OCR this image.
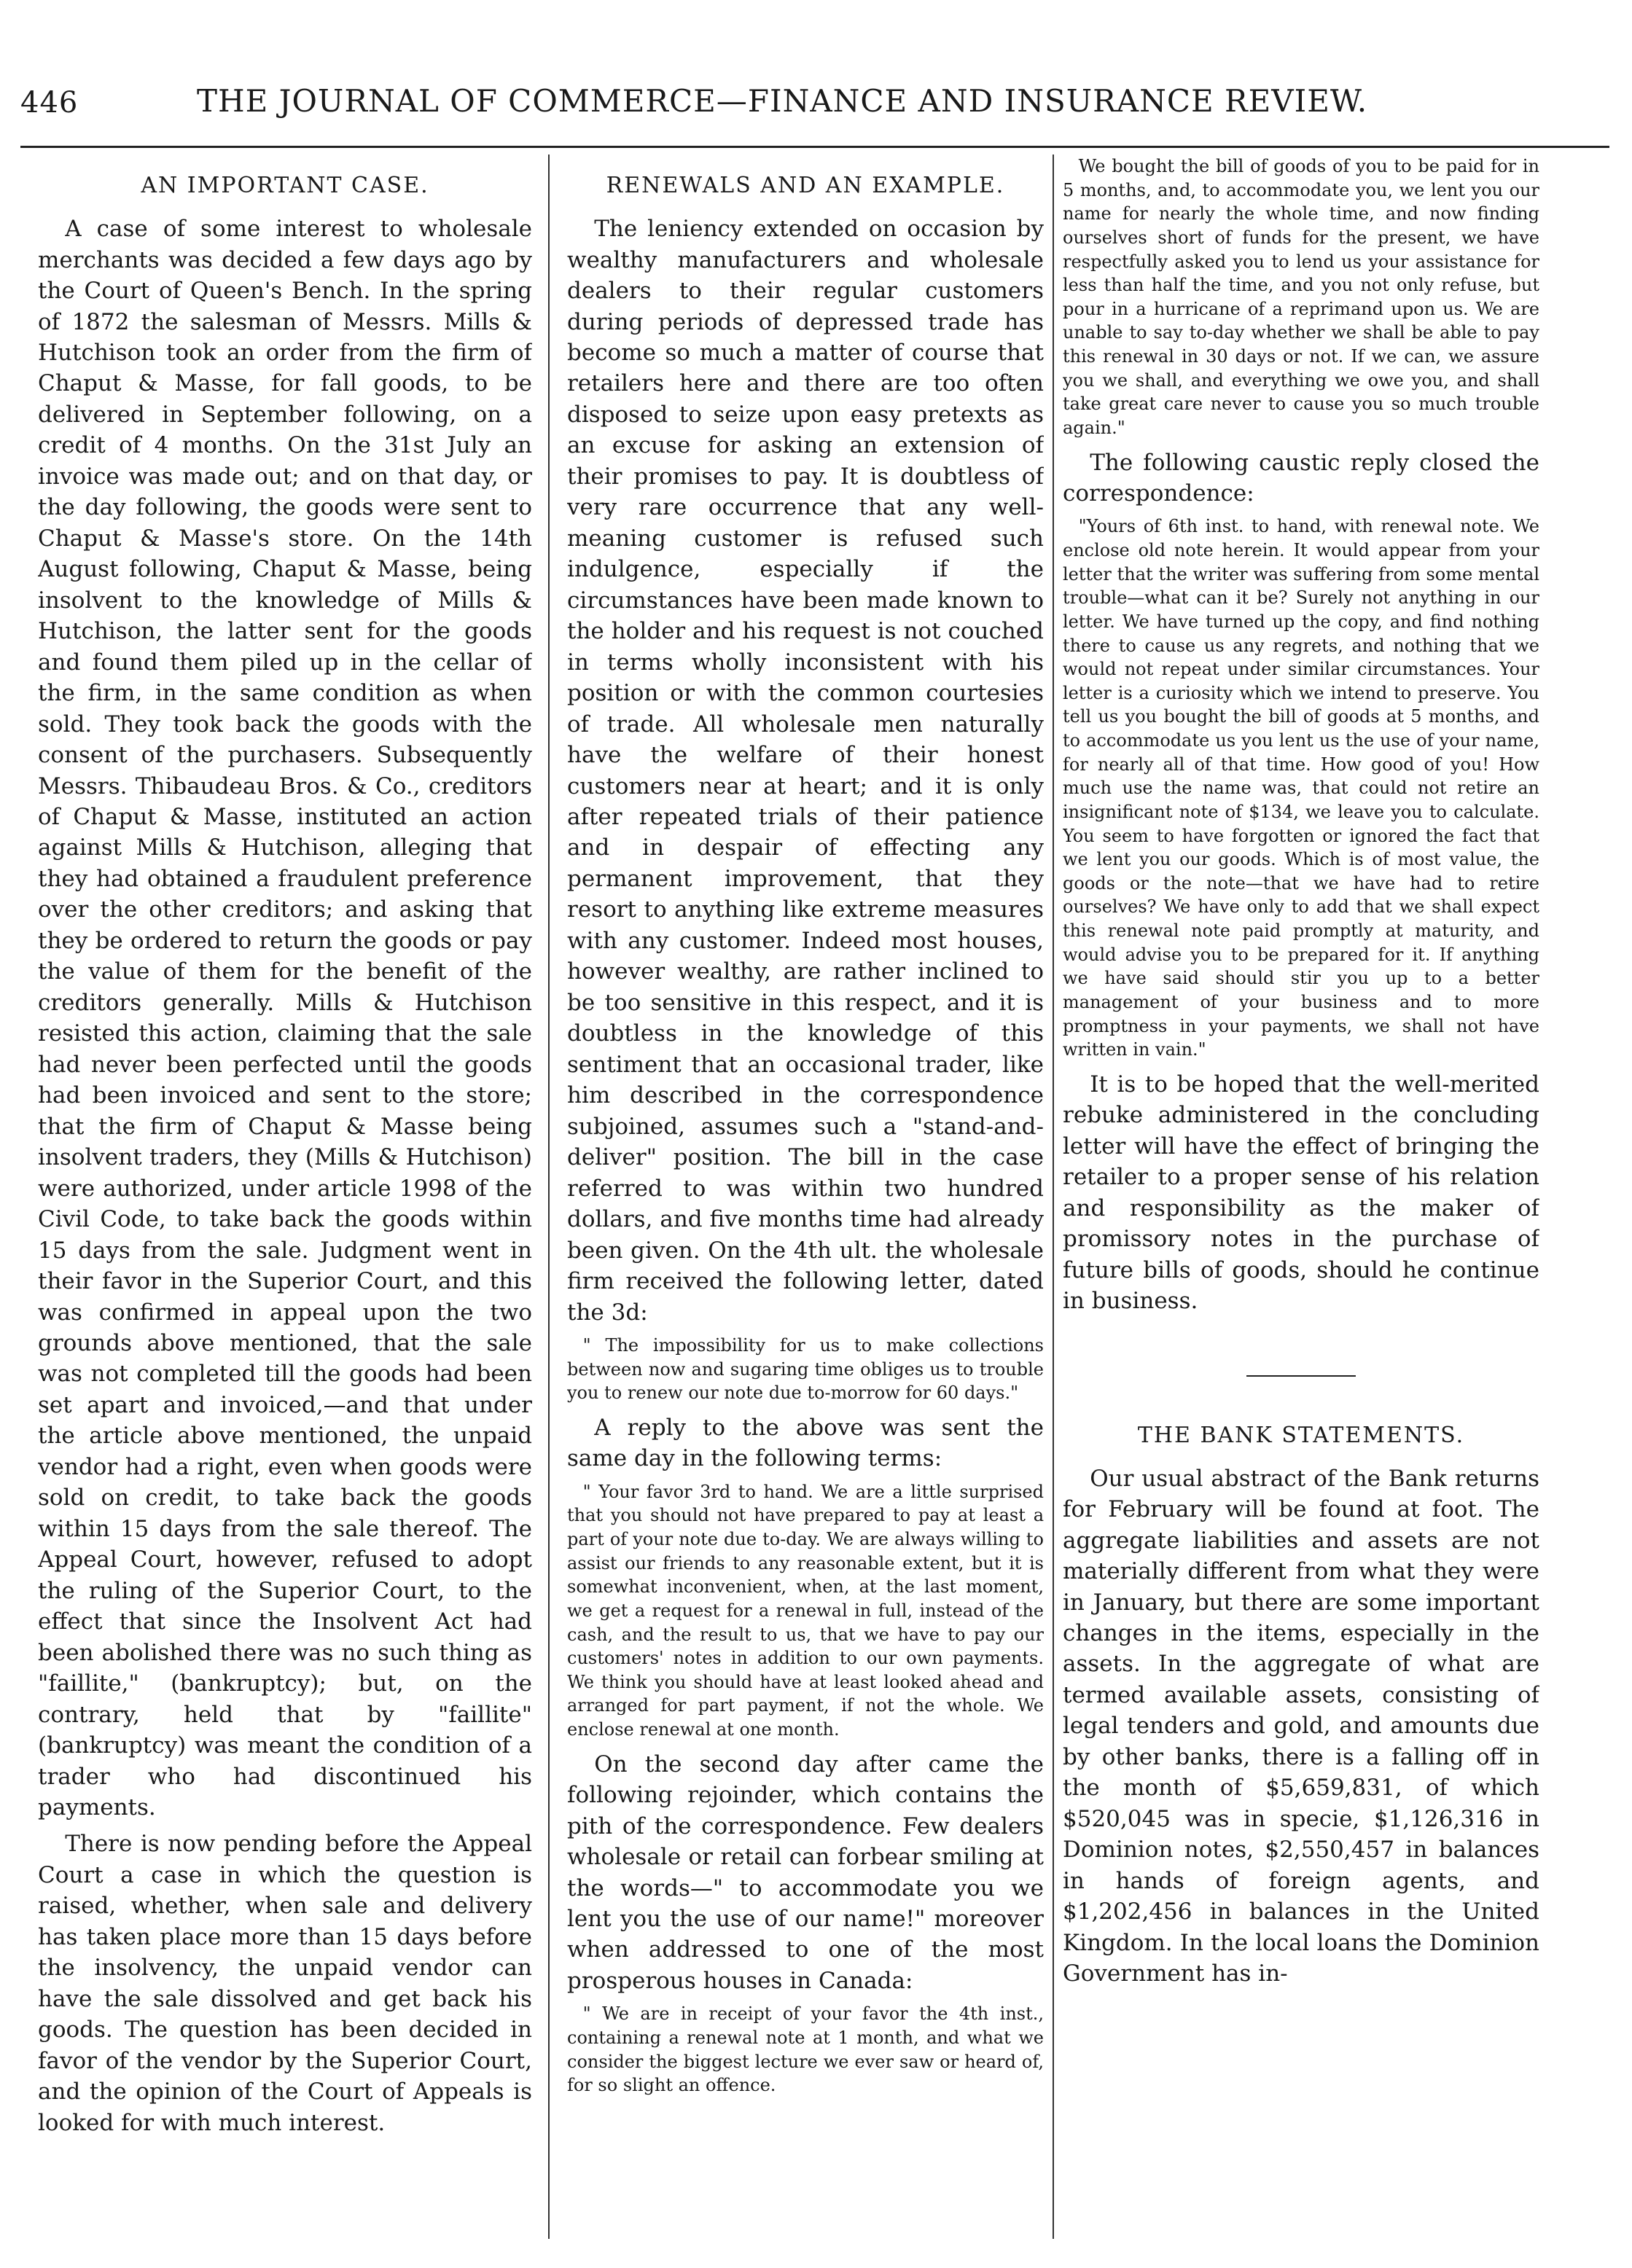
446	THE JOURNAL OF COMMERCE—FINANCE AND INSURANCE REVIEW.
AN IMPORTANT CASE.

A case of some interest to wholesale merchants was decided a few days ago by the Court of Queen's Bench. In the spring of 1872 the salesman of Messrs. Mills & Hutchison took an order from the firm of Chaput & Masse, for fall goods, to be delivered in September following, on a credit of 4 months. On the 31st July an invoice was made out; and on that day, or the day following, the goods were sent to Chaput & Masse's store. On the 14th August following, Chaput & Masse, being insolvent to the knowledge of Mills & Hutchison, the latter sent for the goods and found them piled up in the cellar of the firm, in the same condition as when sold. They took back the goods with the consent of the purchasers. Subsequently Messrs. Thibaudeau Bros. & Co., creditors of Chaput & Masse, instituted an action against Mills & Hutchison, alleging that they had obtained a fraudulent preference over the other creditors; and asking that they be ordered to return the goods or pay the value of them for the benefit of the creditors generally. Mills & Hutchison resisted this action, claiming that the sale had never been perfected until the goods had been invoiced and sent to the store; that the firm of Chaput & Masse being insolvent traders, they (Mills & Hutchison) were authorized, under article 1998 of the Civil Code, to take back the goods within 15 days from the sale. Judgment went in their favor in the Superior Court, and this was confirmed in appeal upon the two grounds above mentioned, that the sale was not completed till the goods had been set apart and invoiced,—and that under the article above mentioned, the unpaid vendor had a right, even when goods were sold on credit, to take back the goods within 15 days from the sale thereof. The Appeal Court, however, refused to adopt the ruling of the Superior Court, to the effect that since the Insolvent Act had been abolished there was no such thing as "faillite," (bankruptcy); but, on the contrary, held that by "faillite" (bankruptcy) was meant the condition of a trader who had discontinued his payments.

There is now pending before the Appeal Court a case in which the question is raised, whether, when sale and delivery has taken place more than 15 days before the insolvency, the unpaid vendor can have the sale dissolved and get back his goods. The question has been decided in favor of the vendor by the Superior Court, and the opinion of the Court of Appeals is looked for with much interest.

RENEWALS AND AN EXAMPLE.

The leniency extended on occasion by wealthy manufacturers and wholesale dealers to their regular customers during periods of depressed trade has become so much a matter of course that retailers here and there are too often disposed to seize upon easy pretexts as an excuse for asking an extension of their promises to pay. It is doubtless of very rare occurrence that any well-meaning customer is refused such indulgence, especially if the circumstances have been made known to the holder and his request is not couched in terms wholly inconsistent with his position or with the common courtesies of trade. All wholesale men naturally have the welfare of their honest customers near at heart; and it is only after repeated trials of their patience and in despair of effecting any permanent improvement, that they resort to anything like extreme measures with any customer. Indeed most houses, however wealthy, are rather inclined to be too sensitive in this respect, and it is doubtless in the knowledge of this sentiment that an occasional trader, like him described in the correspondence subjoined, assumes such a "stand-and-deliver" position. The bill in the case referred to was within two hundred dollars, and five months time had already been given. On the 4th ult. the wholesale firm received the following letter, dated the 3d:

" The impossibility for us to make collections between now and sugaring time obliges us to trouble you to renew our note due to-morrow for 60 days."

A reply to the above was sent the same day in the following terms:

" Your favor 3rd to hand. We are a little surprised that you should not have prepared to pay at least a part of your note due to-day. We are always willing to assist our friends to any reasonable extent, but it is somewhat inconvenient, when, at the last moment, we get a request for a renewal in full, instead of the cash, and the result to us, that we have to pay our customers' notes in addition to our own payments. We think you should have at least looked ahead and arranged for part payment, if not the whole. We enclose renewal at one month.

On the second day after came the following rejoinder, which contains the pith of the correspondence. Few dealers wholesale or retail can forbear smiling at the words—" to accommodate you we lent you the use of our name!" moreover when addressed to one of the most prosperous houses in Canada:

" We are in receipt of your favor the 4th inst., containing a renewal note at 1 month, and what we consider the biggest lecture we ever saw or heard of, for so slight an offence.

We bought the bill of goods of you to be paid for in 5 months, and, to accommodate you, we lent you our name for nearly the whole time, and now finding ourselves short of funds for the present, we have respectfully asked you to lend us your assistance for less than half the time, and you not only refuse, but pour in a hurricane of a reprimand upon us. We are unable to say to-day whether we shall be able to pay this renewal in 30 days or not. If we can, we assure you we shall, and everything we owe you, and shall take great care never to cause you so much trouble again."

The following caustic reply closed the correspondence:

"Yours of 6th inst. to hand, with renewal note. We enclose old note herein. It would appear from your letter that the writer was suffering from some mental trouble—what can it be? Surely not anything in our letter. We have turned up the copy, and find nothing there to cause us any regrets, and nothing that we would not repeat under similar circumstances. Your letter is a curiosity which we intend to preserve. You tell us you bought the bill of goods at 5 months, and to accommodate us you lent us the use of your name, for nearly all of that time. How good of you! How much use the name was, that could not retire an insignificant note of $134, we leave you to calculate. You seem to have forgotten or ignored the fact that we lent you our goods. Which is of most value, the goods or the note—that we have had to retire ourselves? We have only to add that we shall expect this renewal note paid promptly at maturity, and would advise you to be prepared for it. If anything we have said should stir you up to a better management of your business and to more promptness in your payments, we shall not have written in vain."

It is to be hoped that the well-merited rebuke administered in the concluding letter will have the effect of bringing the retailer to a proper sense of his relation and responsibility as the maker of promissory notes in the purchase of future bills of goods, should he continue in business.

THE BANK STATEMENTS.

Our usual abstract of the Bank returns for February will be found at foot. The aggregate liabilities and assets are not materially different from what they were in January, but there are some important changes in the items, especially in the assets. In the aggregate of what are termed available assets, consisting of legal tenders and gold, and amounts due by other banks, there is a falling off in the month of $5,659,831, of which $520,045 was in specie, $1,126,316 in Dominion notes, $2,550,457 in balances in hands of foreign agents, and $1,202,456 in balances in the United Kingdom. In the local loans the Dominion Government has in-
